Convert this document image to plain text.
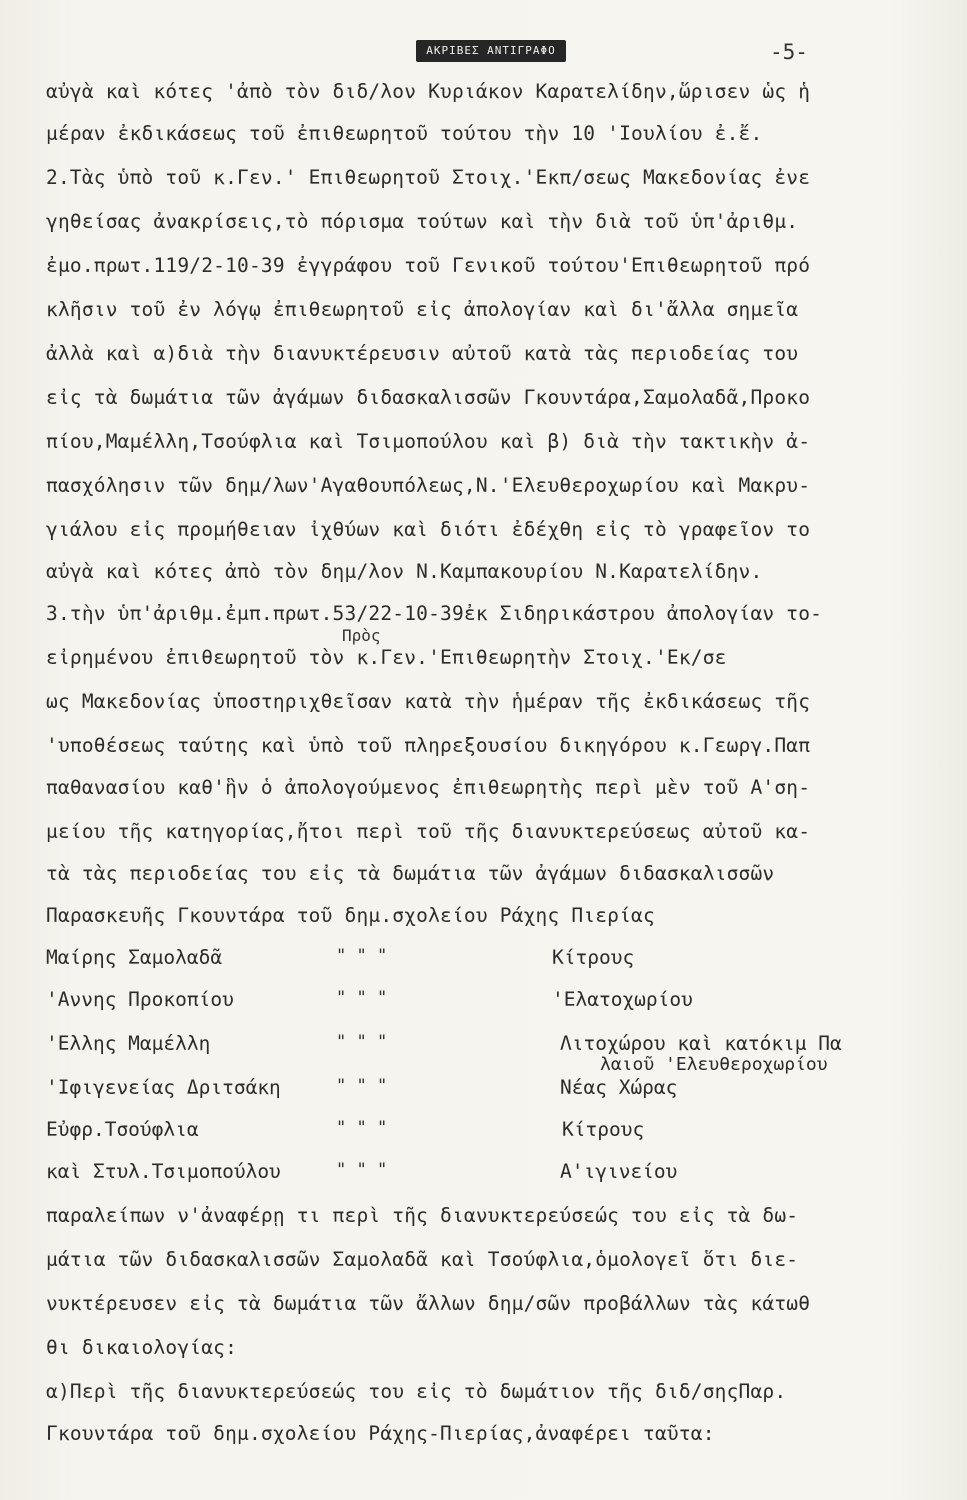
ΑΚΡΙΒΕΣ ΑΝΤΙΓΡΑΦΟ	-5-
αὐγὰ καὶ κότες 'ἀπὸ τὸν διδ/λον Κυριάκον Καρατελίδην,ὥρισεν ὡς ἡ
μέραν ἐκδικάσεως τοῦ ἐπιθεωρητοῦ τούτου τὴν 10 'Ιουλίου ἐ.ἔ.
2.Τὰς ὑπὸ τοῦ κ.Γεν.' Επιθεωρητοῦ Στοιχ.'Εκπ/σεως Μακεδονίας ἐνε
γηθείσας ἀνακρίσεις,τὸ πόρισμα τούτων καὶ τὴν διὰ τοῦ ὑπ'ἀριθμ.
ἐμο.πρωτ.119/2-10-39 ἐγγράφου τοῦ Γενικοῦ τούτου'Επιθεωρητοῦ πρό
κλῆσιν τοῦ ἐν λόγῳ ἐπιθεωρητοῦ εἰς ἀπολογίαν καὶ δι'ἄλλα σημεῖα
ἀλλὰ καὶ α)διὰ τὴν διανυκτέρευσιν αὐτοῦ κατὰ τὰς περιοδείας του
εἰς τὰ δωμάτια τῶν ἀγάμων διδασκαλισσῶν Γκουντάρα,Σαμολαδᾶ,Προκο
πίου,Μαμέλλη,Τσούφλια καὶ Τσιμοπούλου καὶ β) διὰ τὴν τακτικὴν ἀ-
πασχόλησιν τῶν δημ/λων'Αγαθουπόλεως,Ν.'Ελευθεροχωρίου καὶ Μακρυ-
γιάλου εἰς προμήθειαν ἰχθύων καὶ διότι ἐδέχθη εἰς τὸ γραφεῖον το
αὐγὰ καὶ κότες ἀπὸ τὸν δημ/λον Ν.Καμπακουρίου Ν.Καρατελίδην.
3.τὴν ὑπ'ἀριθμ.ἐμπ.πρωτ.53/22-10-39ἐκ Σιδηρικάστρου ἀπολογίαν το-
Πρὸς
εἰρημένου ἐπιθεωρητοῦ τὸν κ.Γεν.'Επιθεωρητὴν Στοιχ.'Εκ/σε
ως Μακεδονίας ὑποστηριχθεῖσαν κατὰ τὴν ἡμέραν τῆς ἐκδικάσεως τῆς
'υποθέσεως ταύτης καὶ ὑπὸ τοῦ πληρεξουσίου δικηγόρου κ.Γεωργ.Παπ
παθανασίου καθ'ἣν ὁ ἀπολογούμενος ἐπιθεωρητὴς περὶ μὲν τοῦ Α'ση-
μείου τῆς κατηγορίας,ἤτοι περὶ τοῦ τῆς διανυκτερεύσεως αὐτοῦ κα-
τὰ τὰς περιοδείας του εἰς τὰ δωμάτια τῶν ἀγάμων διδασκαλισσῶν
Παρασκευῆς Γκουντάρα τοῦ δημ.σχολείου Ράχης Πιερίας
Μαίρης Σαμολαδᾶ	" " "	Κίτρους
'Αννης Προκοπίου	" " "	'Ελατοχωρίου
'Ελλης Μαμέλλη	" " "	Λιτοχώρου καὶ κατόκιμ Πα
λαιοῦ 'Ελευθεροχωρίου
'Ιφιγενείας Δριτσάκη	" " "	Νέας Χώρας
Εὐφρ.Τσούφλια	" " "	Κίτρους
καὶ Στυλ.Τσιμοπούλου	" " "	Α'ιγινείου
παραλείπων ν'ἀναφέρῃ τι περὶ τῆς διανυκτερεύσεώς του εἰς τὰ δω-
μάτια τῶν διδασκαλισσῶν Σαμολαδᾶ καὶ Τσούφλια,ὁμολογεῖ ὅτι διε-
νυκτέρευσεν εἰς τὰ δωμάτια τῶν ἄλλων δημ/σῶν προβάλλων τὰς κάτωθ
θι δικαιολογίας:
α)Περὶ τῆς διανυκτερεύσεώς του εἰς τὸ δωμάτιον τῆς διδ/σηςΠαρ.
Γκουντάρα τοῦ δημ.σχολείου Ράχης-Πιερίας,ἀναφέρει ταῦτα:
